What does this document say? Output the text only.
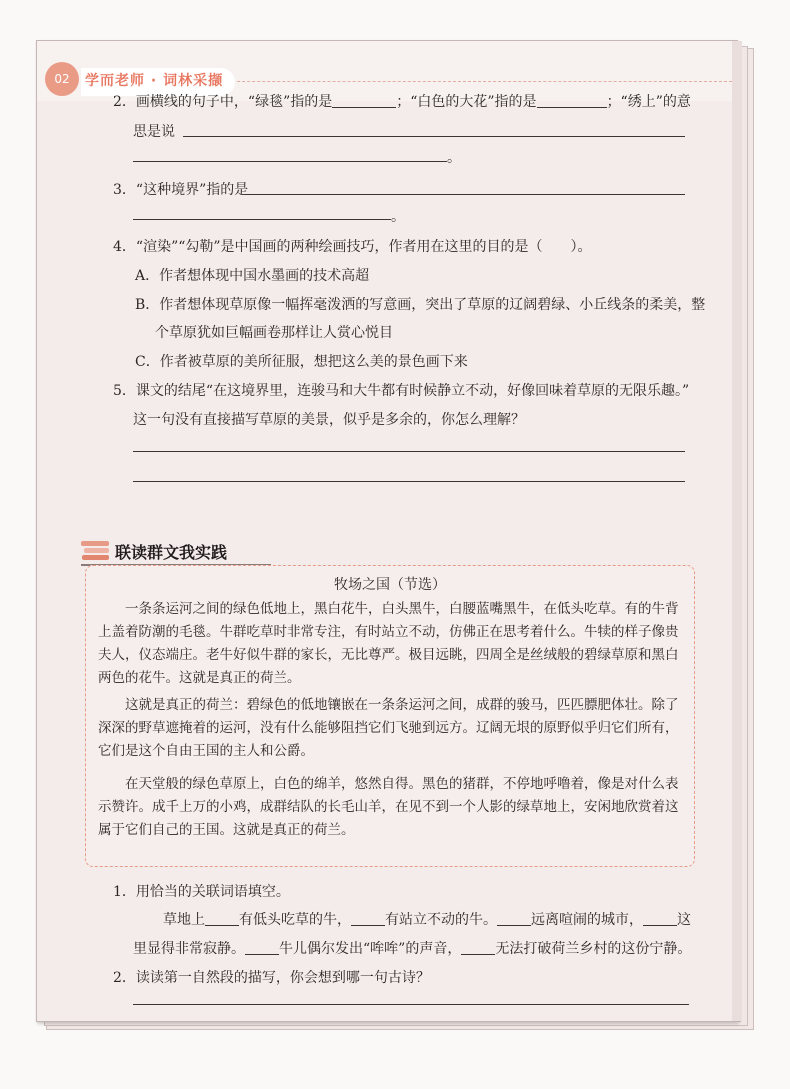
02	学而老师 · 词林采撷
2．画横线的句子中，“绿毯”指的是	；“白色的大花”指的是	；“绣上”的意
思是说
。
3．“这种境界”指的是
。
4．“渲染”“勾勒”是中国画的两种绘画技巧，作者用在这里的目的是（　　）。
A．作者想体现中国水墨画的技术高超
B．作者想体现草原像一幅挥毫泼洒的写意画，突出了草原的辽阔碧绿、小丘线条的柔美，整
个草原犹如巨幅画卷那样让人赏心悦目
C．作者被草原的美所征服，想把这么美的景色画下来
5．课文的结尾“在这境界里，连骏马和大牛都有时候静立不动，好像回味着草原的无限乐趣。”
这一句没有直接描写草原的美景，似乎是多余的，你怎么理解？
联读群文我实践
牧场之国（节选）

一条条运河之间的绿色低地上，黑白花牛，白头黑牛，白腰蓝嘴黑牛，在低头吃草。有的牛背

上盖着防潮的毛毯。牛群吃草时非常专注，有时站立不动，仿佛正在思考着什么。牛犊的样子像贵

夫人，仪态端庄。老牛好似牛群的家长，无比尊严。极目远眺，四周全是丝绒般的碧绿草原和黑白

两色的花牛。这就是真正的荷兰。

这就是真正的荷兰：碧绿色的低地镶嵌在一条条运河之间，成群的骏马，匹匹膘肥体壮。除了

深深的野草遮掩着的运河，没有什么能够阻挡它们飞驰到远方。辽阔无垠的原野似乎归它们所有，

它们是这个自由王国的主人和公爵。

在天堂般的绿色草原上，白色的绵羊，悠然自得。黑色的猪群，不停地呼噜着，像是对什么表

示赞许。成千上万的小鸡，成群结队的长毛山羊，在见不到一个人影的绿草地上，安闲地欣赏着这

属于它们自己的王国。这就是真正的荷兰。

1．用恰当的关联词语填空。
草地上 有低头吃草的牛， 有站立不动的牛。 远离喧闹的城市， 这
里显得非常寂静。 牛儿偶尔发出“哞哞”的声音， 无法打破荷兰乡村的这份宁静。
2．读读第一自然段的描写，你会想到哪一句古诗？
